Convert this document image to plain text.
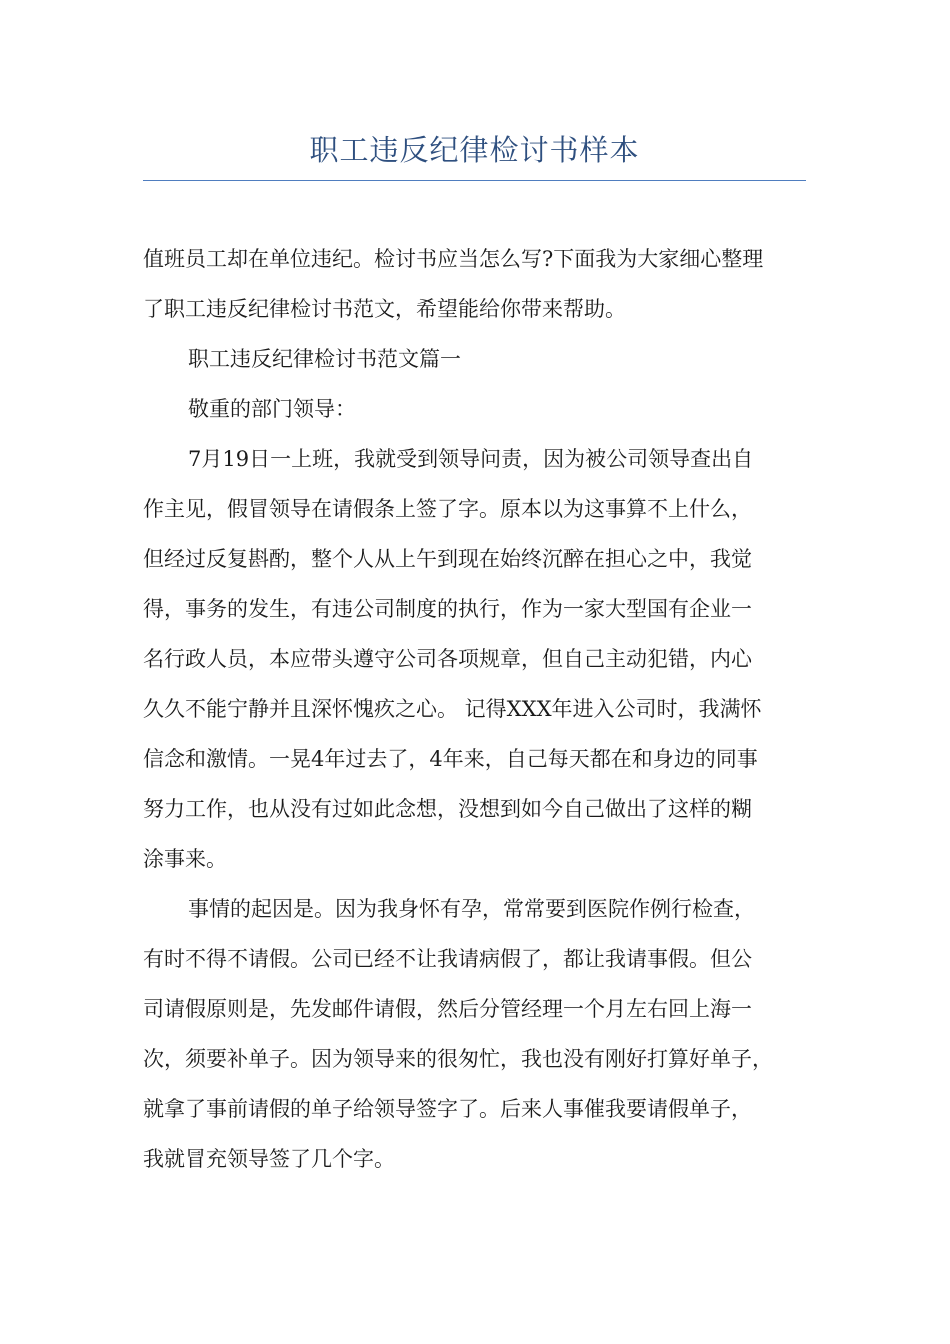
职工违反纪律检讨书样本
值班员工却在单位违纪。检讨书应当怎么写?下面我为大家细心整理
了职工违反纪律检讨书范文，希望能给你带来帮助。
职工违反纪律检讨书范文篇一
敬重的部门领导：
7月19日一上班，我就受到领导问责，因为被公司领导查出自
作主见，假冒领导在请假条上签了字。原本以为这事算不上什么，
但经过反复斟酌，整个人从上午到现在始终沉醉在担心之中，我觉
得，事务的发生，有违公司制度的执行，作为一家大型国有企业一
名行政人员，本应带头遵守公司各项规章，但自己主动犯错，内心
久久不能宁静并且深怀愧疚之心。 记得XXX年进入公司时，我满怀
信念和激情。一晃4年过去了，4年来，自己每天都在和身边的同事
努力工作，也从没有过如此念想，没想到如今自己做出了这样的糊
涂事来。
事情的起因是。因为我身怀有孕，常常要到医院作例行检查，
有时不得不请假。公司已经不让我请病假了，都让我请事假。但公
司请假原则是，先发邮件请假，然后分管经理一个月左右回上海一
次，须要补单子。因为领导来的很匆忙，我也没有刚好打算好单子，
就拿了事前请假的单子给领导签字了。后来人事催我要请假单子，
我就冒充领导签了几个字。
